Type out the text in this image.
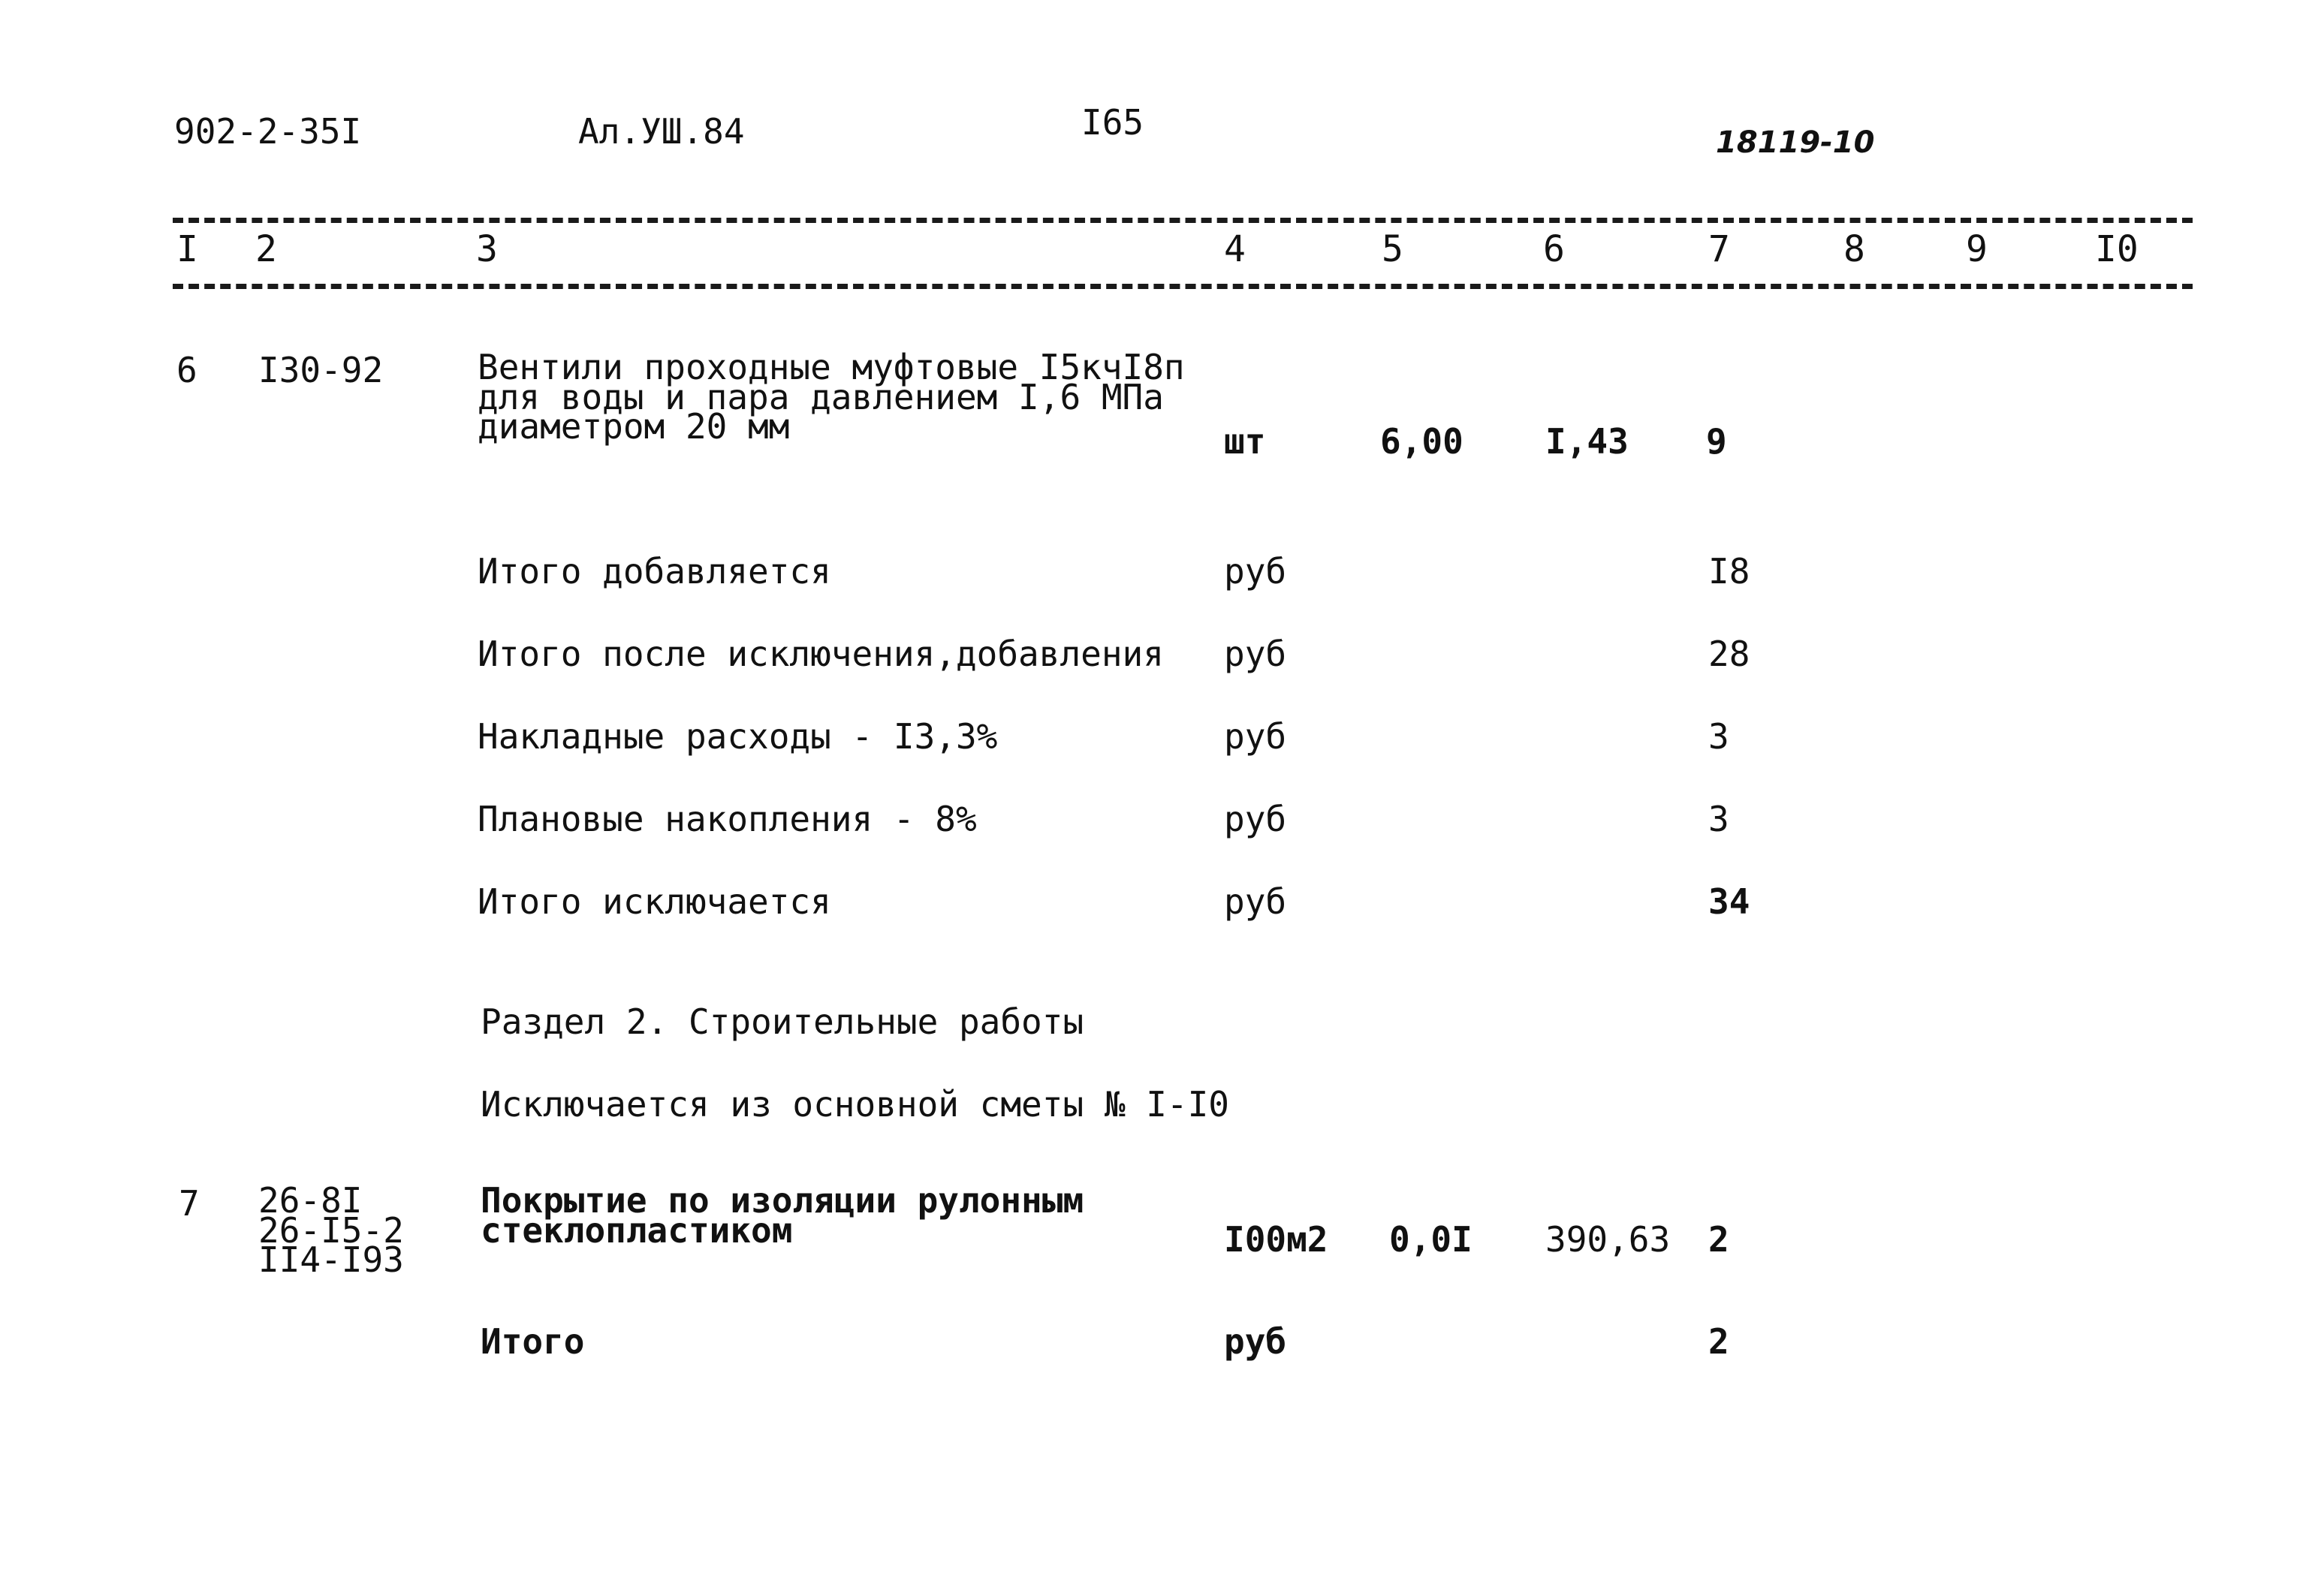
902-2-35I	Ал.УШ.84	I65	18119-10
I 2	3	4	5	6	7	8	9	I0
6 I30-92	Вентили проходные муфтовые I5кчI8п
для воды и пара давлением I,6 МПа
диаметром 20 мм	шт	6,00 I,43 9
Итого добавляется	руб	I8
Итого после исключения,добавления руб	28
Накладные расходы - I3,3%	руб	3
Плановые накопления - 8%	руб	3
Итого исключается	руб	34
Раздел 2. Строительные работы
Исключается из основной сметы № I-I0
7 26-8I
26-I5-2
II4-I93
Покрытие по изоляции рулонным
стеклопластиком	I00м2 0,0I 390,63 2
Итого	руб	2
